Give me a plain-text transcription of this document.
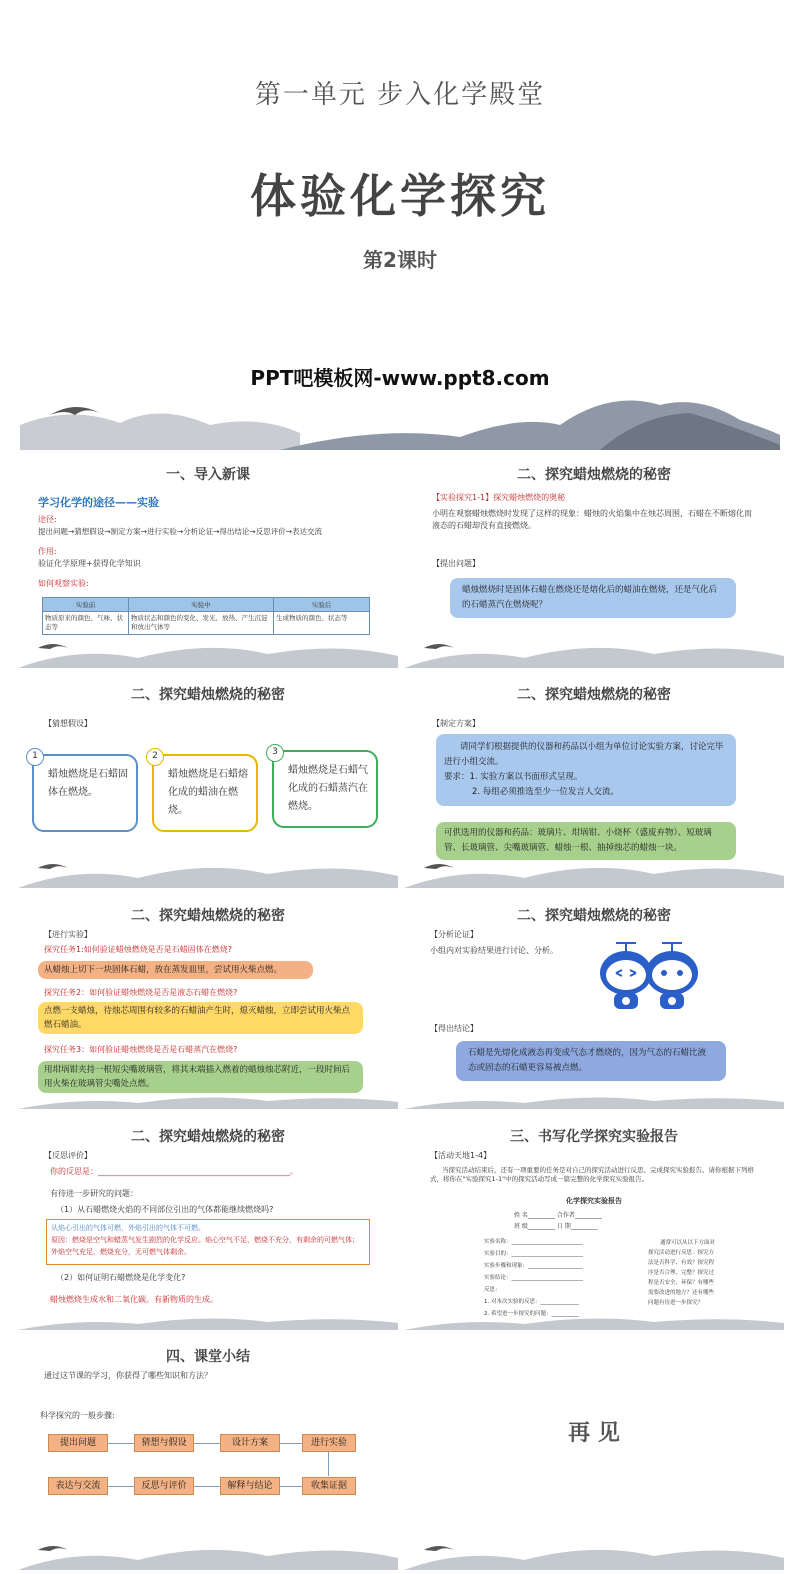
第一单元 步入化学殿堂
体验化学探究
第2课时
PPT吧模板网-www.ppt8.com
一、导入新课
学习化学的途径——实验
途径:
提出问题→猜想假设→制定方案→进行实验→分析论证→得出结论→反思评价→表达交流
作用:
验证化学原理+获得化学知识
如何观察实验:
实验前	实验中	实验后
物质原来的颜色、气味、状态等	物质状态和颜色的变化、发光、放热、产生沉淀和放出气体等	生成物质的颜色、状态等
二、探究蜡烛燃烧的秘密
【实验探究1-1】探究蜡烛燃烧的奥秘
小明在观察蜡烛燃烧时发现了这样的现象：蜡烛的火焰集中在烛芯周围，石蜡在不断熔化而液态的石蜡却没有直接燃烧。
【提出问题】
蜡烛燃烧时是固体石蜡在燃烧还是熔化后的蜡油在燃烧，还是气化后的石蜡蒸汽在燃烧呢？
二、探究蜡烛燃烧的秘密
【猜想假设】
1
蜡烛燃烧是石蜡固体在燃烧。
2
蜡烛燃烧是石蜡熔化成的蜡油在燃烧。
3
蜡烛燃烧是石蜡气化成的石蜡蒸汽在燃烧。
二、探究蜡烛燃烧的秘密
【制定方案】
请同学们根据提供的仪器和药品以小组为单位讨论实验方案，讨论完毕进行小组交流。
要求：1. 实验方案以书面形式呈现。
2. 每组必须推选至少一位发言人交流。
可供选用的仪器和药品：玻璃片、坩埚钳、小烧杯（盛废弃物）、短玻璃管、长玻璃管、尖嘴玻璃管、蜡烛一根、抽掉烛芯的蜡烛一块。
二、探究蜡烛燃烧的秘密
【进行实验】
探究任务1:如何验证蜡烛燃烧是否是石蜡固体在燃烧?
从蜡烛上切下一块固体石蜡，放在蒸发皿里，尝试用火柴点燃。
探究任务2：如何验证蜡烛燃烧是否是液态石蜡在燃烧?
点燃一支蜡烛，待烛芯周围有较多的石蜡油产生时，熄灭蜡烛，立即尝试用火柴点燃石蜡油。
探究任务3：如何验证蜡烛燃烧是否是石蜡蒸汽在燃烧?
用坩埚钳夹持一根短尖嘴玻璃管，将其末端插入燃着的蜡烛烛芯附近，一段时间后用火柴在玻璃管尖嘴处点燃。
二、探究蜡烛燃烧的秘密
【分析论证】
小组内对实验结果进行讨论、分析。
【得出结论】
石蜡是先熔化成液态再变成气态才燃烧的，因为气态的石蜡比液态或固态的石蜡更容易被点燃。
二、探究蜡烛燃烧的秘密
【反思评价】
你的反思是：________________________________________________。
有待进一步研究的问题：
（1）从石蜡燃烧火焰的不同部位引出的气体都能继续燃烧吗?
从焰心引出的气体可燃，外焰引出的气体不可燃。
原因：燃烧是空气和蜡蒸气发生剧烈的化学反应。焰心空气不足，燃烧不充分，有剩余的可燃气体；外焰空气充足，燃烧充分，无可燃气体剩余。
（2）如何证明石蜡燃烧是化学变化?
蜡烛燃烧生成水和二氧化碳。有新物质的生成。
三、书写化学探究实验报告
【活动天地1-4】
当探究活动结束后，还有一项重要的任务是对自己的探究活动进行反思、完成探究实验报告。请你根据下列格式，将你在"实验探究1-1"中的探究活动写成一篇完整的化学探究实验报告。
化学探究实验报告
姓 名_________ 合作者_________
班 级_________ 日 期_________
实验名称：__________________________
实验目的：__________________________
实验步骤和现象：____________________
实验结论：__________________________
反思：
1. 对本次实验的反思：______________
2. 希望进一步探究的问题：__________
通常可以从以下方面对探究活动进行反思：探究方法是否科学、有效？探究程序是否合理、完整？探究过程是否安全、环保？有哪些需要改进的地方？还有哪些问题有待进一步探究？
四、课堂小结
通过这节课的学习，你获得了哪些知识和方法？
科学探究的一般步骤:
提出问题	猜想与假设	设计方案	进行实验
表达与交流	反思与评价	解释与结论	收集证据
再 见
